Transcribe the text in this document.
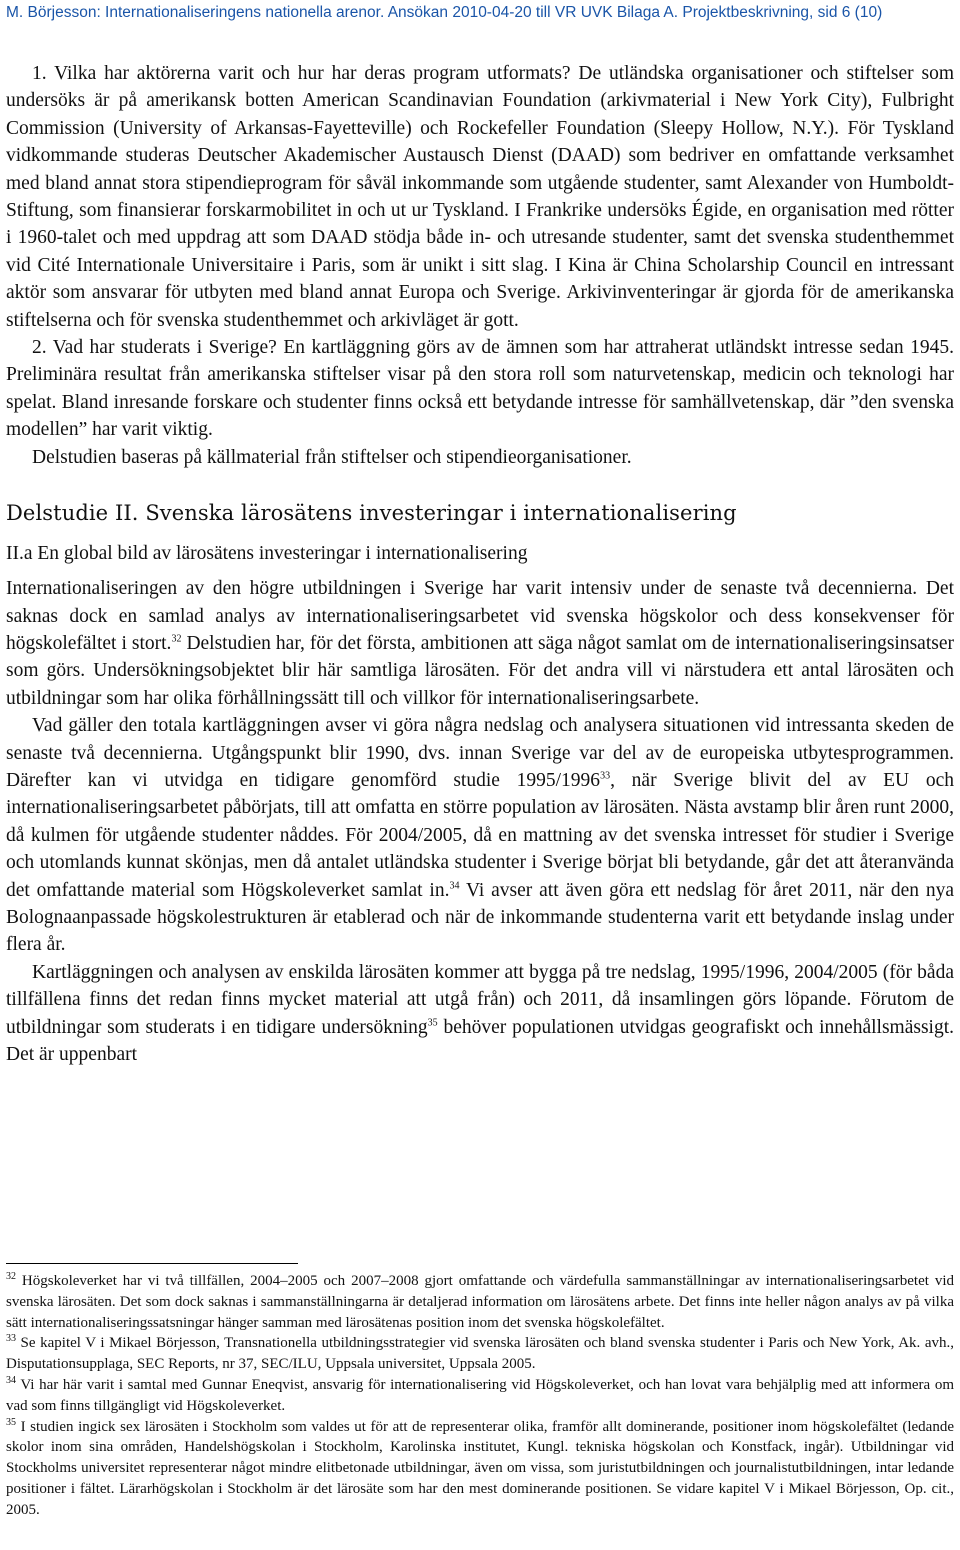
M. Börjesson: Internationaliseringens nationella arenor. Ansökan 2010-04-20 till VR UVK Bilaga A. Projektbeskrivning, sid 6 (10)

1. Vilka har aktörerna varit och hur har deras program utformats? De utländska organisationer och stiftelser som undersöks är på amerikansk botten American Scandinavian Foundation (arkivmaterial i New York City), Fulbright Commission (University of Arkansas-Fayetteville) och Rockefeller Foundation (Sleepy Hollow, N.Y.). För Tyskland vidkommande studeras Deutscher Akademischer Austausch Dienst (DAAD) som bedriver en omfattande verksamhet med bland annat stora stipendieprogram för såväl inkommande som utgående studenter, samt Alexander von Humboldt-Stiftung, som finansierar forskarmobilitet in och ut ur Tyskland. I Frankrike undersöks Égide, en organisation med rötter i 1960-talet och med uppdrag att som DAAD stödja både in- och utresande studenter, samt det svenska studenthemmet vid Cité Internationale Universitaire i Paris, som är unikt i sitt slag. I Kina är China Scholarship Council en intressant aktör som ansvarar för utbyten med bland annat Europa och Sverige. Arkivinventeringar är gjorda för de amerikanska stiftelserna och för svenska studenthemmet och arkivläget är gott.

2. Vad har studerats i Sverige? En kartläggning görs av de ämnen som har attraherat utländskt intresse sedan 1945. Preliminära resultat från amerikanska stiftelser visar på den stora roll som naturvetenskap, medicin och teknologi har spelat. Bland inresande forskare och studenter finns också ett betydande intresse för samhällvetenskap, där ”den svenska modellen” har varit viktig.

Delstudien baseras på källmaterial från stiftelser och stipendieorganisationer.

Delstudie II. Svenska lärosätens investeringar i internationalisering
II.a En global bild av lärosätens investeringar i internationalisering

Internationaliseringen av den högre utbildningen i Sverige har varit intensiv under de senaste två decennierna. Det saknas dock en samlad analys av internationaliseringsarbetet vid svenska högskolor och dess konsekvenser för högskolefältet i stort.$^{32}$ Delstudien har, för det första, ambitionen att säga något samlat om de internationaliseringsinsatser som görs. Undersökningsobjektet blir här samtliga lärosäten. För det andra vill vi närstudera ett antal lärosäten och utbildningar som har olika förhållningssätt till och villkor för internationaliseringsarbete.

Vad gäller den totala kartläggningen avser vi göra några nedslag och analysera situationen vid intressanta skeden de senaste två decennierna. Utgångspunkt blir 1990, dvs. innan Sverige var del av de europeiska utbytesprogrammen. Därefter kan vi utvidga en tidigare genomförd studie 1995/1996$^{33}$, när Sverige blivit del av EU och internationaliseringsarbetet påbörjats, till att omfatta en större population av lärosäten. Nästa avstamp blir åren runt 2000, då kulmen för utgående studenter nåddes. För 2004/2005, då en mattning av det svenska intresset för studier i Sverige och utomlands kunnat skönjas, men då antalet utländska studenter i Sverige börjat bli betydande, går det att återanvända det omfattande material som Högskoleverket samlat in.$^{34}$ Vi avser att även göra ett nedslag för året 2011, när den nya Bolognaanpassade högskolestrukturen är etablerad och när de inkommande studenterna varit ett betydande inslag under flera år.

Kartläggningen och analysen av enskilda lärosäten kommer att bygga på tre nedslag, 1995/1996, 2004/2005 (för båda tillfällena finns det redan finns mycket material att utgå från) och 2011, då insamlingen görs löpande. Förutom de utbildningar som studerats i en tidigare undersökning$^{35}$ behöver populationen utvidgas geografiskt och innehållsmässigt. Det är uppenbart

$^{32}$ Högskoleverket har vi två tillfällen, 2004–2005 och 2007–2008 gjort omfattande och värdefulla sammanställningar av internationaliseringsarbetet vid svenska lärosäten. Det som dock saknas i sammanställningarna är detaljerad information om lärosätens arbete. Det finns inte heller någon analys av på vilka sätt internationaliseringssatsningar hänger samman med lärosätenas position inom det svenska högskolefältet.

$^{33}$ Se kapitel V i Mikael Börjesson, Transnationella utbildningsstrategier vid svenska lärosäten och bland svenska studenter i Paris och New York, Ak. avh., Disputationsupplaga, SEC Reports, nr 37, SEC/ILU, Uppsala universitet, Uppsala 2005.

$^{34}$ Vi har här varit i samtal med Gunnar Eneqvist, ansvarig för internationalisering vid Högskoleverket, och han lovat vara behjälplig med att informera om vad som finns tillgängligt vid Högskoleverket.

$^{35}$ I studien ingick sex lärosäten i Stockholm som valdes ut för att de representerar olika, framför allt dominerande, positioner inom högskolefältet (ledande skolor inom sina områden, Handelshögskolan i Stockholm, Karolinska institutet, Kungl. tekniska högskolan och Konstfack, ingår). Utbildningar vid Stockholms universitet representerar något mindre elitbetonade utbildningar, även om vissa, som juristutbildningen och journalistutbildningen, intar ledande positioner i fältet. Lärarhögskolan i Stockholm är det lärosäte som har den mest dominerande positionen. Se vidare kapitel V i Mikael Börjesson, Op. cit., 2005.
